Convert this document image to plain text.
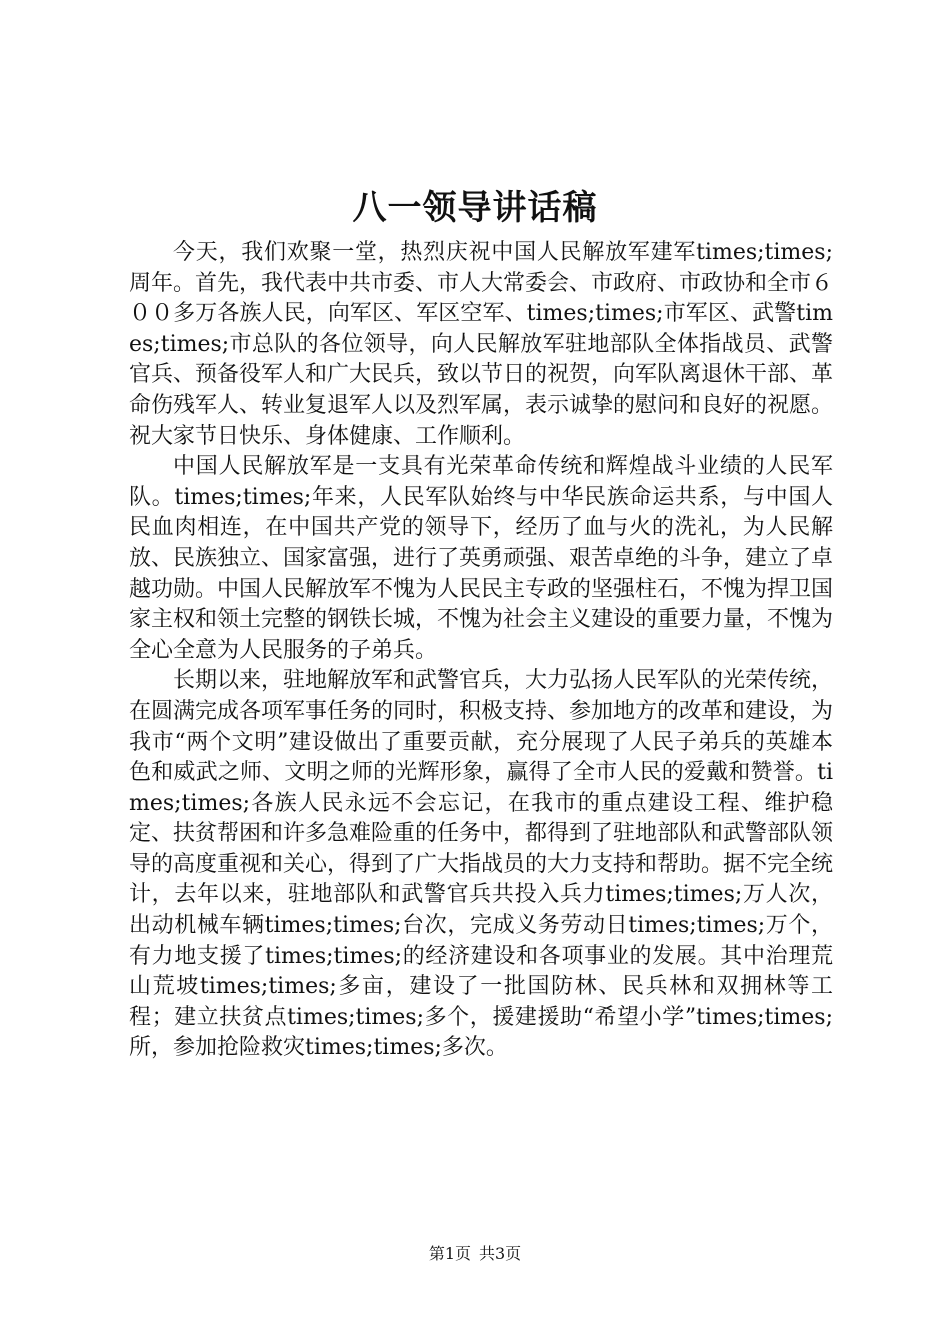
八一领导讲话稿

今天，我们欢聚一堂，热烈庆祝中国人民解放军建军times;times;周年。首先，我代表中共市委、市人大常委会、市政府、市政协和全市６００多万各族人民，向军区、军区空军、times;times;市军区、武警times;times;市总队的各位领导，向人民解放军驻地部队全体指战员、武警官兵、预备役军人和广大民兵，致以节日的祝贺，向军队离退休干部、革命伤残军人、转业复退军人以及烈军属，表示诚挚的慰问和良好的祝愿。祝大家节日快乐、身体健康、工作顺利。

中国人民解放军是一支具有光荣革命传统和辉煌战斗业绩的人民军队。times;times;年来，人民军队始终与中华民族命运共系，与中国人民血肉相连，在中国共产党的领导下，经历了血与火的洗礼，为人民解放、民族独立、国家富强，进行了英勇顽强、艰苦卓绝的斗争，建立了卓越功勋。中国人民解放军不愧为人民民主专政的坚强柱石，不愧为捍卫国家主权和领土完整的钢铁长城，不愧为社会主义建设的重要力量，不愧为全心全意为人民服务的子弟兵。

长期以来，驻地解放军和武警官兵，大力弘扬人民军队的光荣传统，在圆满完成各项军事任务的同时，积极支持、参加地方的改革和建设，为我市“两个文明”建设做出了重要贡献，充分展现了人民子弟兵的英雄本色和威武之师、文明之师的光辉形象，赢得了全市人民的爱戴和赞誉。times;times;各族人民永远不会忘记，在我市的重点建设工程、维护稳定、扶贫帮困和许多急难险重的任务中，都得到了驻地部队和武警部队领导的高度重视和关心，得到了广大指战员的大力支持和帮助。据不完全统计，去年以来，驻地部队和武警官兵共投入兵力times;times;万人次，出动机械车辆times;times;台次，完成义务劳动日times;times;万个，有力地支援了times;times;的经济建设和各项事业的发展。其中治理荒山荒坡times;times;多亩，建设了一批国防林、民兵林和双拥林等工程；建立扶贫点times;times;多个，援建援助“希望小学”times;times;所，参加抢险救灾times;times;多次。

第1页 共3页
